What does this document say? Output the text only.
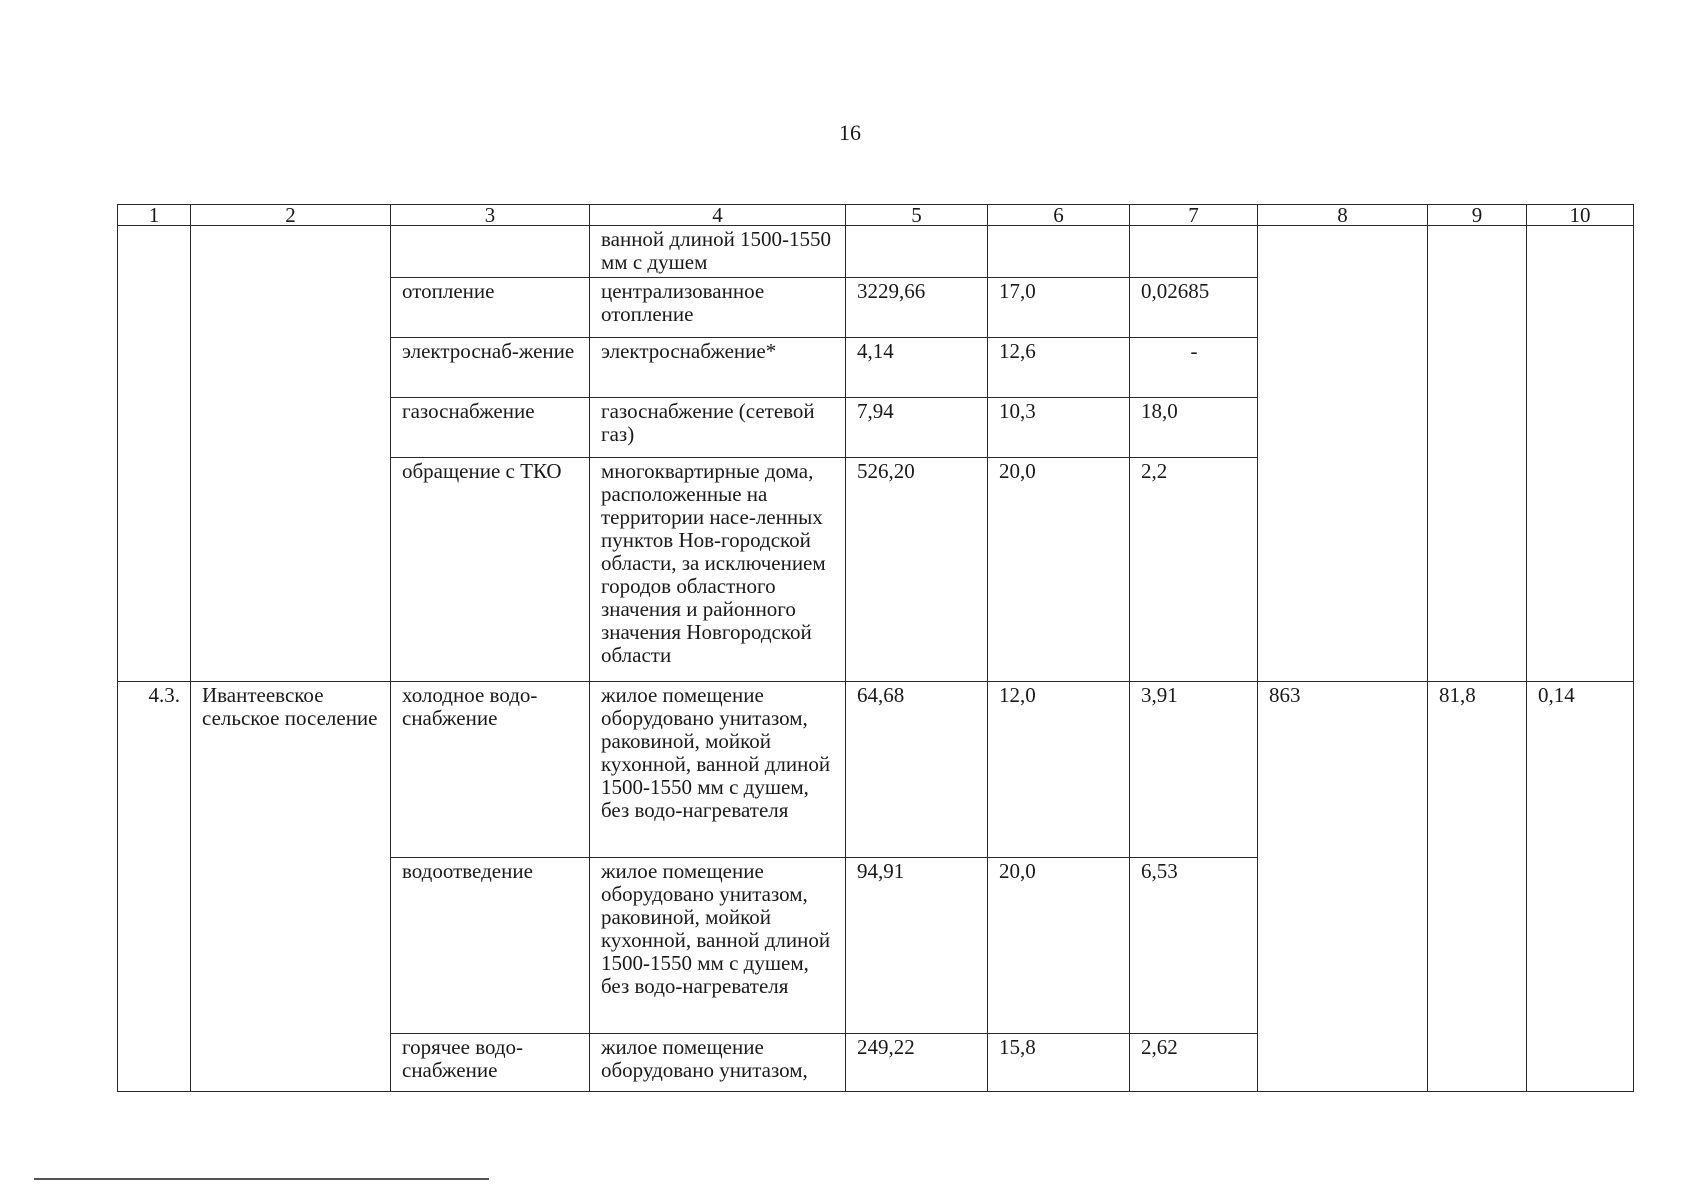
16
1	2	3	4	5	6	7	8	9	10
			ванной длиной 1500-1550 мм с душем						
		отопление	централизованное отопление	3229,66	17,0	0,02685			
		электроснаб-жение	электроснабжение*	4,14	12,6	-			
		газоснабжение	газоснабжение (сетевой газ)	7,94	10,3	18,0			
		обращение с ТКО	многоквартирные дома, расположенные на территории насе-ленных пунктов Нов-городской области, за исключением городов областного значения и районного значения Новгородской области	526,20	20,0	2,2			
4.3.	Ивантеевское сельское поселение	холодное водо-снабжение	жилое помещение оборудовано унитазом, раковиной, мойкой кухонной, ванной длиной 1500-1550 мм с душем, без водо-нагревателя	64,68	12,0	3,91	863	81,8	0,14
		водоотведение	жилое помещение оборудовано унитазом, раковиной, мойкой кухонной, ванной длиной 1500-1550 мм с душем, без водо-нагревателя	94,91	20,0	6,53			
		горячее водо-снабжение	жилое помещение оборудовано унитазом,	249,22	15,8	2,62			
